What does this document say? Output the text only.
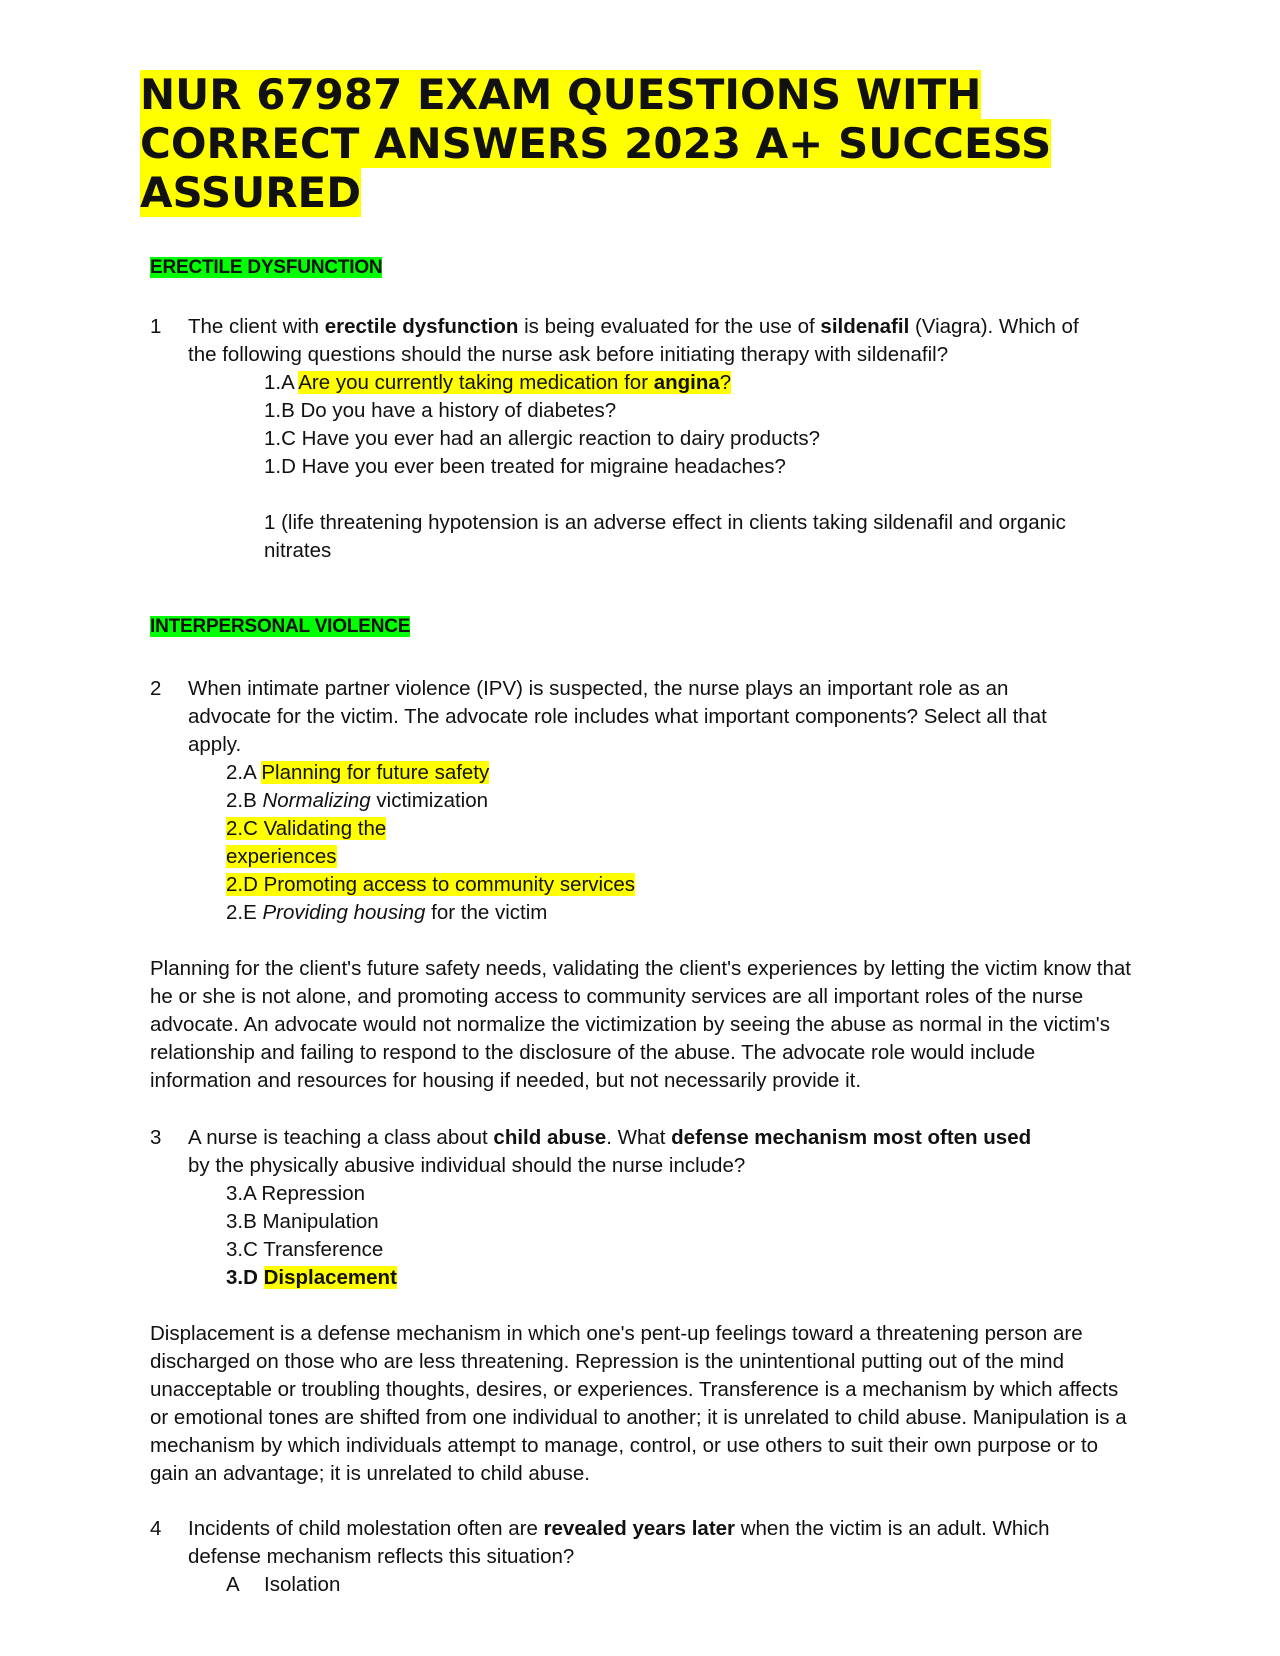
NUR 67987 EXAM QUESTIONS WITH
CORRECT ANSWERS 2023 A+ SUCCESS
ASSURED

ERECTILE DYSFUNCTION

1	The client with erectile dysfunction is being evaluated for the use of sildenafil (Viagra). Which of the following questions should the nurse ask before initiating therapy with sildenafil?

1.A Are you currently taking medication for angina?
1.B Do you have a history of diabetes?
1.C Have you ever had an allergic reaction to dairy products?
1.D Have you ever been treated for migraine headaches?

1 (life threatening hypotension is an adverse effect in clients taking sildenafil and organic nitrates

INTERPERSONAL VIOLENCE

2	When intimate partner violence (IPV) is suspected, the nurse plays an important role as an advocate for the victim. The advocate role includes what important components? Select all that apply.

2.A Planning for future safety
2.B Normalizing victimization
2.C Validating the
experiences
2.D Promoting access to community services
2.E Providing housing for the victim

Planning for the client's future safety needs, validating the client's experiences by letting the victim know that he or she is not alone, and promoting access to community services are all important roles of the nurse advocate. An advocate would not normalize the victimization by seeing the abuse as normal in the victim's relationship and failing to respond to the disclosure of the abuse. The advocate role would include information and resources for housing if needed, but not necessarily provide it.

3	A nurse is teaching a class about child abuse. What defense mechanism most often used by the physically abusive individual should the nurse include?

3.A Repression
3.B Manipulation
3.C Transference
3.D Displacement

Displacement is a defense mechanism in which one's pent-up feelings toward a threatening person are discharged on those who are less threatening. Repression is the unintentional putting out of the mind unacceptable or troubling thoughts, desires, or experiences. Transference is a mechanism by which affects or emotional tones are shifted from one individual to another; it is unrelated to child abuse. Manipulation is a mechanism by which individuals attempt to manage, control, or use others to suit their own purpose or to gain an advantage; it is unrelated to child abuse.

4	Incidents of child molestation often are revealed years later when the victim is an adult. Which defense mechanism reflects this situation?

A Isolation
